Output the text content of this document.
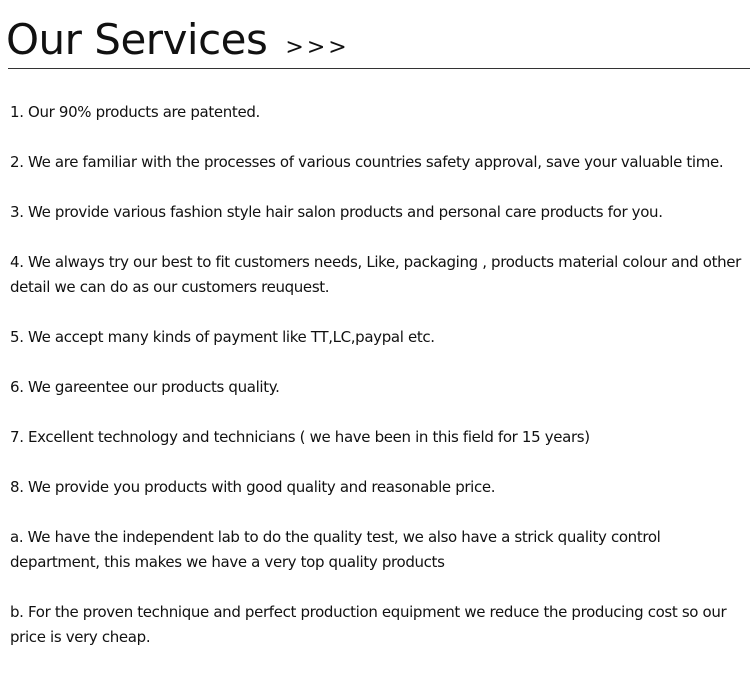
Our Services >>>
1. Our 90% products are patented.
2. We are familiar with the processes of various countries safety approval, save your valuable time.
3. We provide various fashion style hair salon products and personal care products for you.
4. We always try our best to fit customers needs, Like, packaging , products material colour and other detail we can do as our customers reuquest.
5. We accept many kinds of payment like TT,LC,paypal etc.
6. We gareentee our products quality.
7. Excellent technology and technicians ( we have been in this field for 15 years)
8. We provide you products with good quality and reasonable price.
a. We have the independent lab to do the quality test, we also have a strick quality control department, this makes we have a very top quality products
b. For the proven technique and perfect production equipment we reduce the producing cost so our price is very cheap.
